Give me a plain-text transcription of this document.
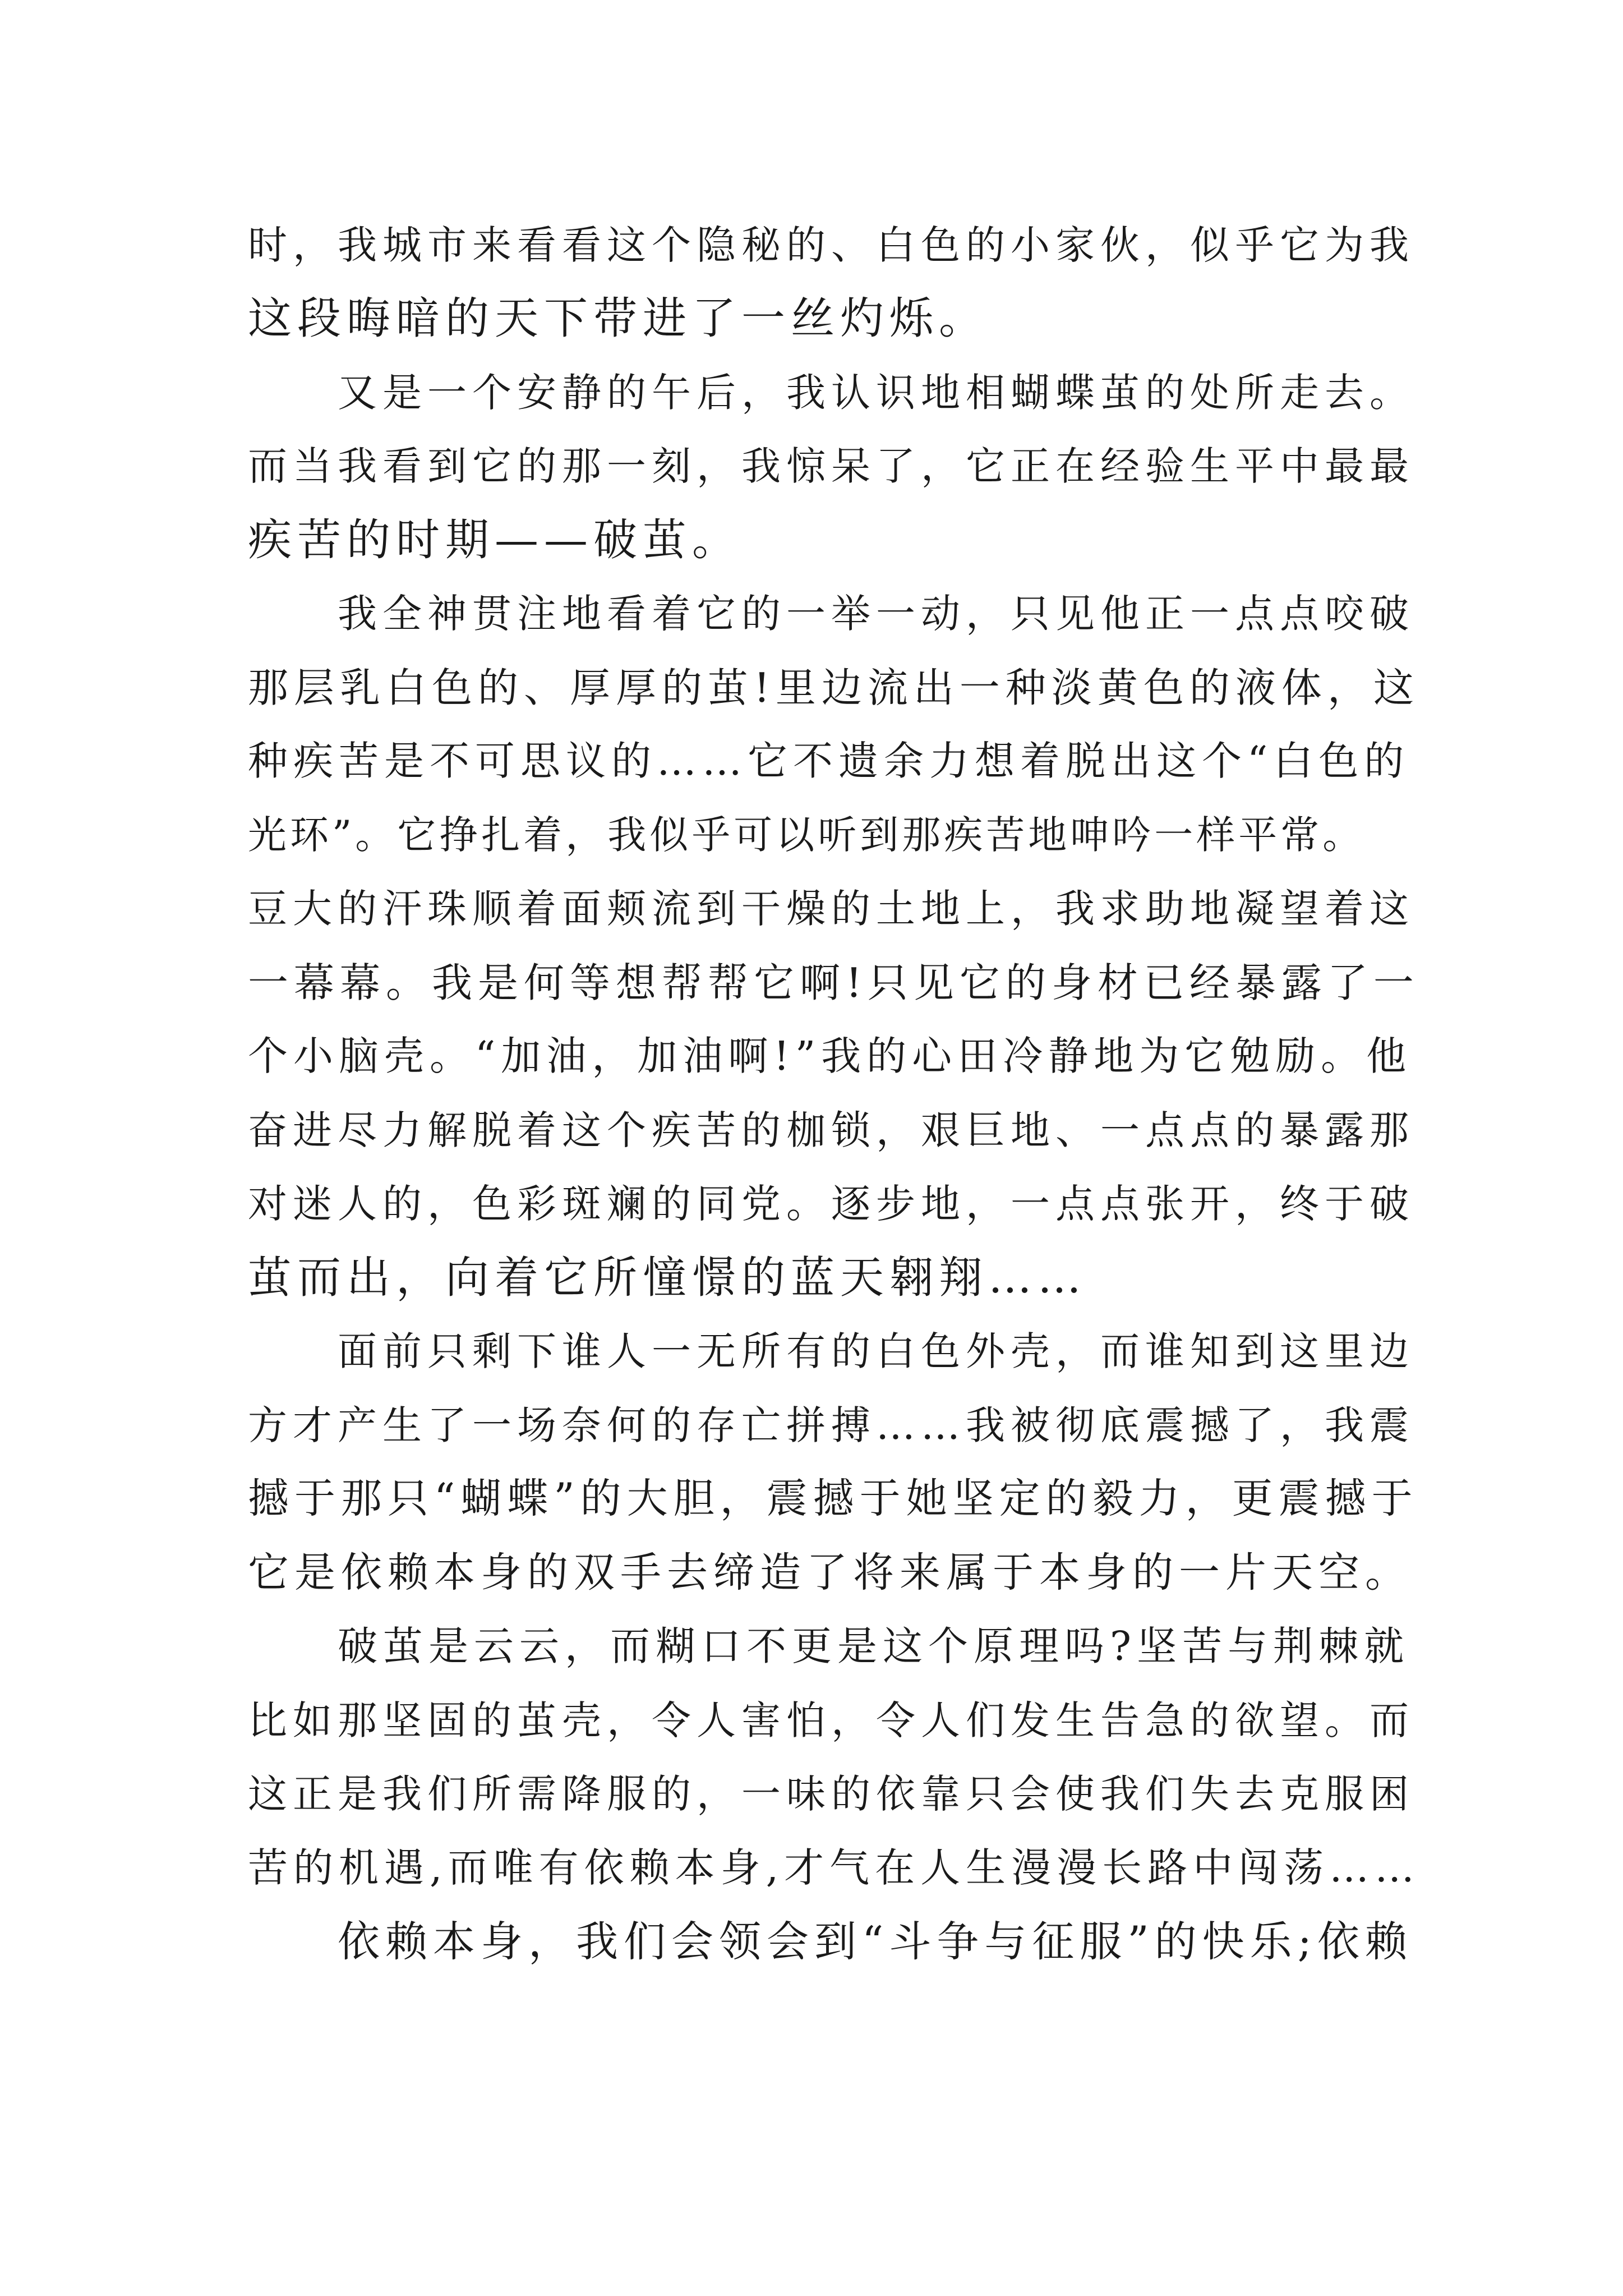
时，我城市来看看这个隐秘的、白色的小家伙，似乎它为我
这段晦暗的天下带进了一丝灼烁。
又是一个安静的午后，我认识地相蝴蝶茧的处所走去。
而当我看到它的那一刻，我惊呆了，它正在经验生平中最最
疾苦的时期——破茧。
我全神贯注地看着它的一举一动，只见他正一点点咬破
那层乳白色的、厚厚的茧!里边流出一种淡黄色的液体，这
种疾苦是不可思议的……它不遗余力想着脱出这个“白色的
光环”。它挣扎着，我似乎可以听到那疾苦地呻吟一样平常。
豆大的汗珠顺着面颊流到干燥的土地上，我求助地凝望着这
一幕幕。我是何等想帮帮它啊!只见它的身材已经暴露了一
个小脑壳。“加油，加油啊!”我的心田冷静地为它勉励。他
奋进尽力解脱着这个疾苦的枷锁，艰巨地、一点点的暴露那
对迷人的，色彩斑斓的同党。逐步地，一点点张开，终于破
茧而出，向着它所憧憬的蓝天翱翔……
面前只剩下谁人一无所有的白色外壳，而谁知到这里边
方才产生了一场奈何的存亡拼搏……我被彻底震撼了，我震
撼于那只“蝴蝶”的大胆，震撼于她坚定的毅力，更震撼于
它是依赖本身的双手去缔造了将来属于本身的一片天空。
破茧是云云，而糊口不更是这个原理吗?坚苦与荆棘就
比如那坚固的茧壳，令人害怕，令人们发生告急的欲望。而
这正是我们所需降服的，一味的依靠只会使我们失去克服困
苦的机遇,而唯有依赖本身,才气在人生漫漫长路中闯荡……
依赖本身，我们会领会到“斗争与征服”的快乐;依赖
